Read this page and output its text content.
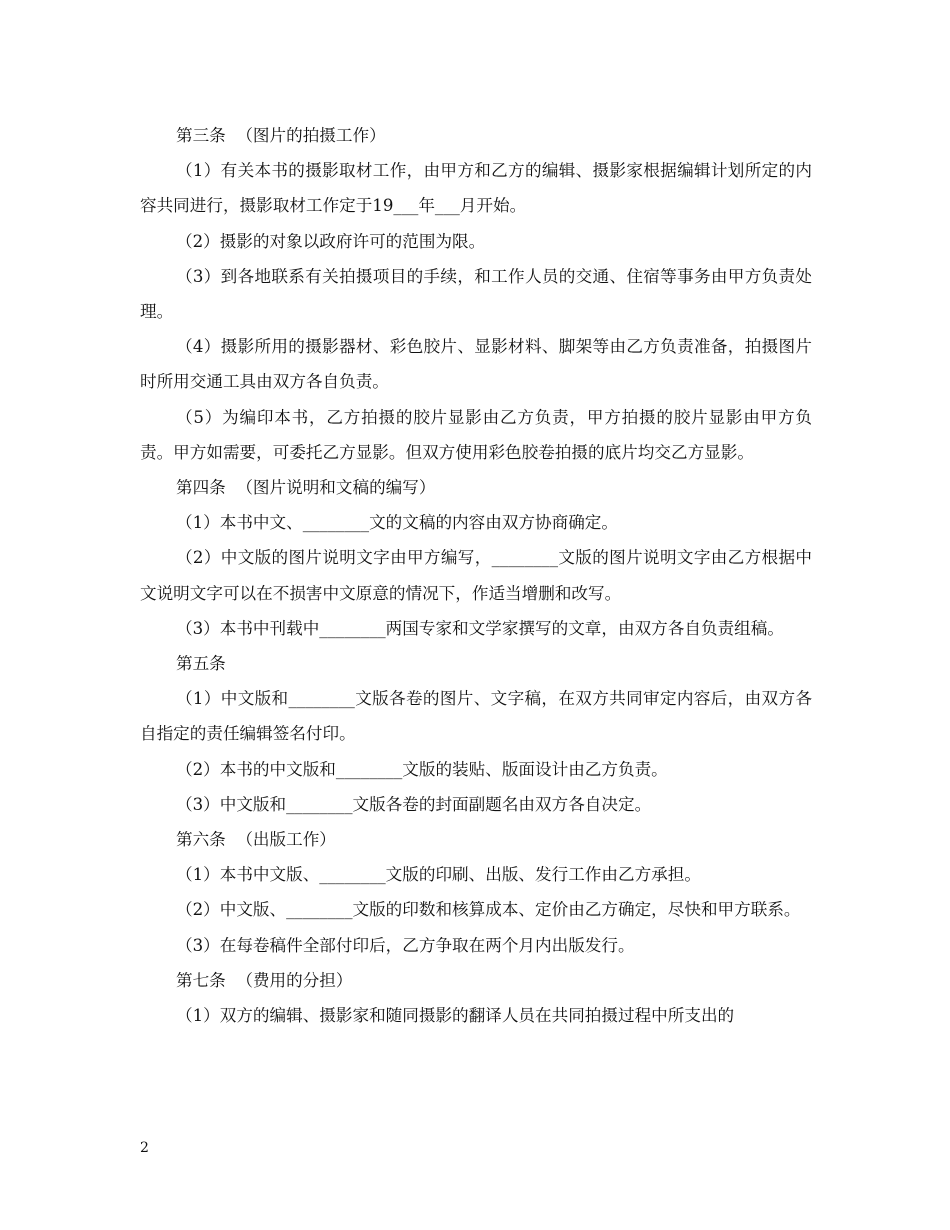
第三条  （图片的拍摄工作）

（1）有关本书的摄影取材工作，由甲方和乙方的编辑、摄影家根据编辑计划所定的内容共同进行，摄影取材工作定于19___年___月开始。

（2）摄影的对象以政府许可的范围为限。

（3）到各地联系有关拍摄项目的手续，和工作人员的交通、住宿等事务由甲方负责处理。

（4）摄影所用的摄影器材、彩色胶片、显影材料、脚架等由乙方负责准备，拍摄图片时所用交通工具由双方各自负责。

（5）为编印本书，乙方拍摄的胶片显影由乙方负责，甲方拍摄的胶片显影由甲方负责。甲方如需要，可委托乙方显影。但双方使用彩色胶卷拍摄的底片均交乙方显影。

第四条  （图片说明和文稿的编写）

（1）本书中文、________文的文稿的内容由双方协商确定。

（2）中文版的图片说明文字由甲方编写，________文版的图片说明文字由乙方根据中文说明文字可以在不损害中文原意的情况下，作适当增删和改写。

（3）本书中刊载中________两国专家和文学家撰写的文章，由双方各自负责组稿。

第五条

（1）中文版和________文版各卷的图片、文字稿，在双方共同审定内容后，由双方各自指定的责任编辑签名付印。

（2）本书的中文版和________文版的装贴、版面设计由乙方负责。

（3）中文版和________文版各卷的封面副题名由双方各自决定。

第六条  （出版工作）

（1）本书中文版、________文版的印刷、出版、发行工作由乙方承担。

（2）中文版、________文版的印数和核算成本、定价由乙方确定，尽快和甲方联系。

（3）在每卷稿件全部付印后，乙方争取在两个月内出版发行。

第七条  （费用的分担）

（1）双方的编辑、摄影家和随同摄影的翻译人员在共同拍摄过程中所支出的

2
